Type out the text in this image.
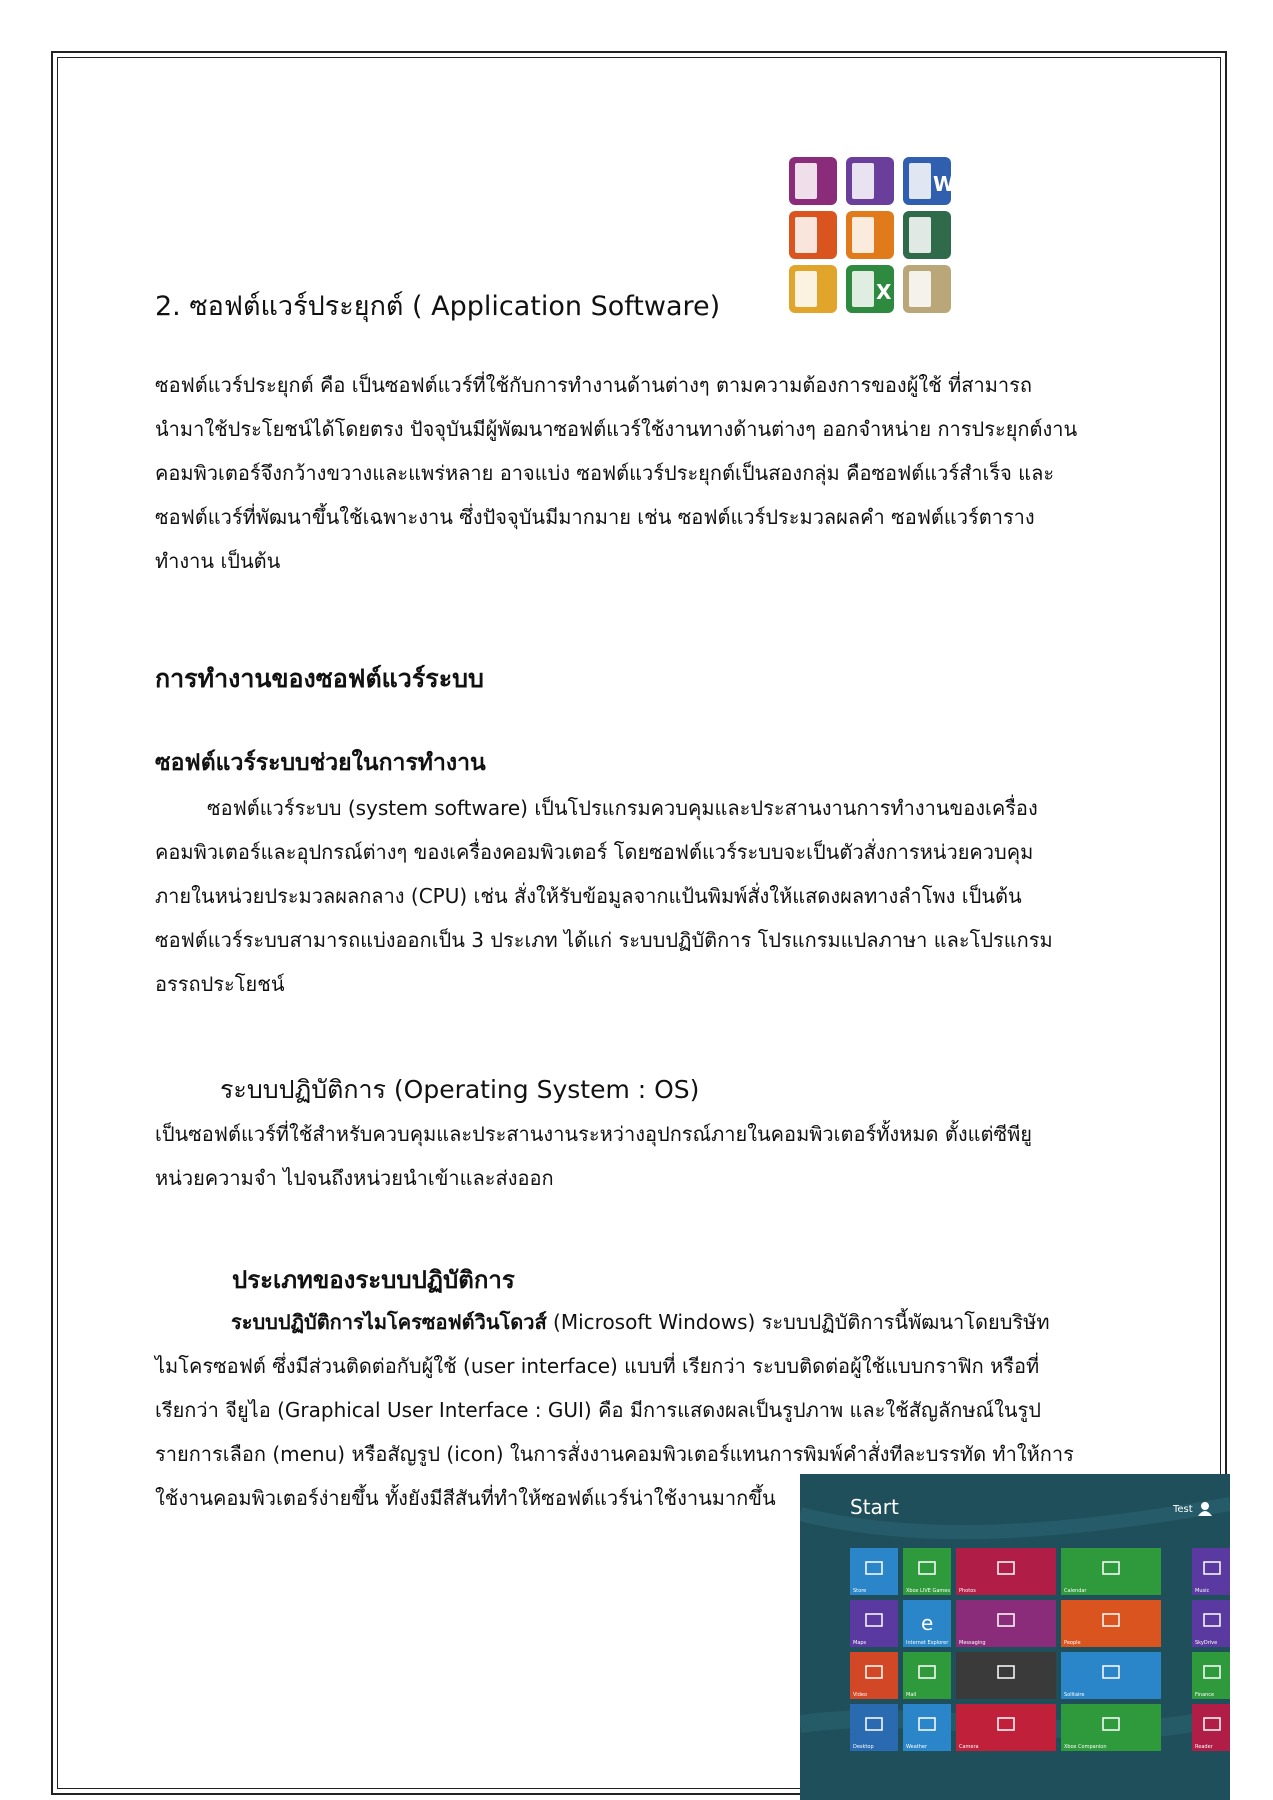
W
X
2. ซอฟต์แวร์ประยุกต์ ( Application Software)
ซอฟต์แวร์ประยุกต์ คือ เป็นซอฟต์แวร์ที่ใช้กับการทำงานด้านต่างๆ ตามความต้องการของผู้ใช้ ที่สามารถ
นำมาใช้ประโยชน์ได้โดยตรง ปัจจุบันมีผู้พัฒนาซอฟต์แวร์ใช้งานทางด้านต่างๆ ออกจำหน่าย การประยุกต์งาน
คอมพิวเตอร์จึงกว้างขวางและแพร่หลาย อาจแบ่ง ซอฟต์แวร์ประยุกต์เป็นสองกลุ่ม คือซอฟต์แวร์สำเร็จ และ
ซอฟต์แวร์ที่พัฒนาขึ้นใช้เฉพาะงาน ซึ่งปัจจุบันมีมากมาย เช่น ซอฟต์แวร์ประมวลผลคำ ซอฟต์แวร์ตาราง
ทำงาน เป็นต้น
การทำงานของซอฟต์แวร์ระบบ
ซอฟต์แวร์ระบบช่วยในการทำงาน
ซอฟต์แวร์ระบบ (system software) เป็นโปรแกรมควบคุมและประสานงานการทำงานของเครื่อง
คอมพิวเตอร์และอุปกรณ์ต่างๆ ของเครื่องคอมพิวเตอร์ โดยซอฟต์แวร์ระบบจะเป็นตัวสั่งการหน่วยควบคุม
ภายในหน่วยประมวลผลกลาง (CPU) เช่น สั่งให้รับข้อมูลจากแป้นพิมพ์สั่งให้แสดงผลทางลำโพง เป็นต้น
ซอฟต์แวร์ระบบสามารถแบ่งออกเป็น 3 ประเภท ได้แก่ ระบบปฏิบัติการ โปรแกรมแปลภาษา และโปรแกรม
อรรถประโยชน์
ระบบปฏิบัติการ (Operating System : OS)
เป็นซอฟต์แวร์ที่ใช้สำหรับควบคุมและประสานงานระหว่างอุปกรณ์ภายในคอมพิวเตอร์ทั้งหมด ตั้งแต่ซีพียู
หน่วยความจำ ไปจนถึงหน่วยนำเข้าและส่งออก
ประเภทของระบบปฏิบัติการ
ระบบปฏิบัติการไมโครซอฟต์วินโดวส์ (Microsoft Windows) ระบบปฏิบัติการนี้พัฒนาโดยบริษัท
ไมโครซอฟต์ ซึ่งมีส่วนติดต่อกับผู้ใช้ (user interface) แบบที่ เรียกว่า ระบบติดต่อผู้ใช้แบบกราฟิก หรือที่
เรียกว่า จียูไอ (Graphical User Interface : GUI) คือ มีการแสดงผลเป็นรูปภาพ และใช้สัญลักษณ์ในรูป
รายการเลือก (menu) หรือสัญรูป (icon) ในการสั่งงานคอมพิวเตอร์แทนการพิมพ์คำสั่งทีละบรรทัด ทำให้การ
ใช้งานคอมพิวเตอร์ง่ายขึ้น ทั้งยังมีสีสันที่ทำให้ซอฟต์แวร์น่าใช้งานมากขึ้น	Start	Test
Store	Xbox LIVE Games Photos	Calendar	Music
Maps
e
Internet Explorer Messaging	People	SkyDrive
Video	Mail	Solitaire	Finance
Desktop	Weather	Camera	Xbox Companion	Reader
